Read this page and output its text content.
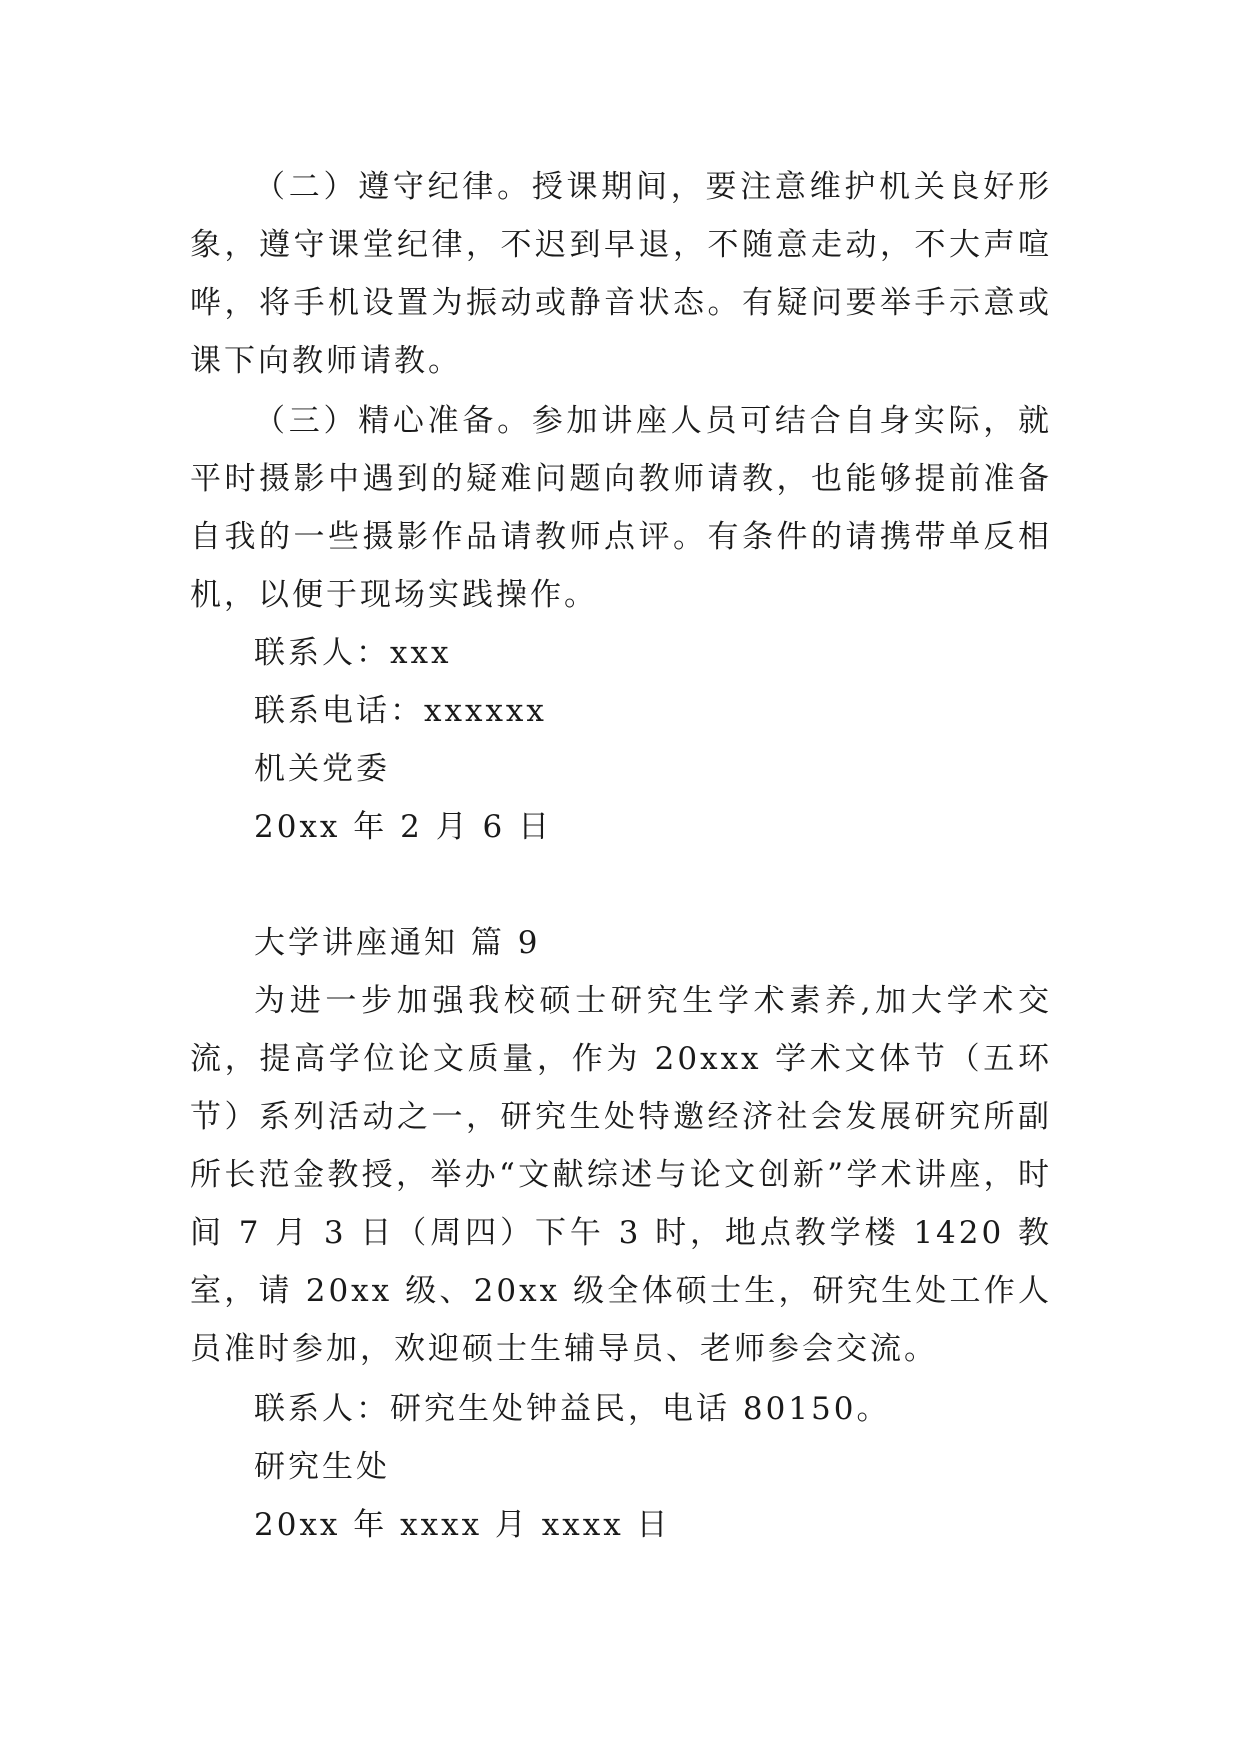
（二）遵守纪律。授课期间，要注意维护机关良好形象，遵守课堂纪律，不迟到早退，不随意走动，不大声喧哗，将手机设置为振动或静音状态。有疑问要举手示意或课下向教师请教。

（三）精心准备。参加讲座人员可结合自身实际，就平时摄影中遇到的疑难问题向教师请教，也能够提前准备自我的一些摄影作品请教师点评。有条件的请携带单反相机，以便于现场实践操作。

联系人：xxx

联系电话：xxxxxx

机关党委

20xx 年 2 月 6 日

大学讲座通知 篇 9

为进一步加强我校硕士研究生学术素养,加大学术交流，提高学位论文质量，作为 20xxx 学术文体节（五环节）系列活动之一，研究生处特邀经济社会发展研究所副所长范金教授，举办“文献综述与论文创新”学术讲座，时间 7 月 3 日（周四）下午 3 时，地点教学楼 1420 教室，请 20xx 级、20xx 级全体硕士生，研究生处工作人员准时参加，欢迎硕士生辅导员、老师参会交流。

联系人：研究生处钟益民，电话 80150。

研究生处

20xx 年 xxxx 月 xxxx 日
